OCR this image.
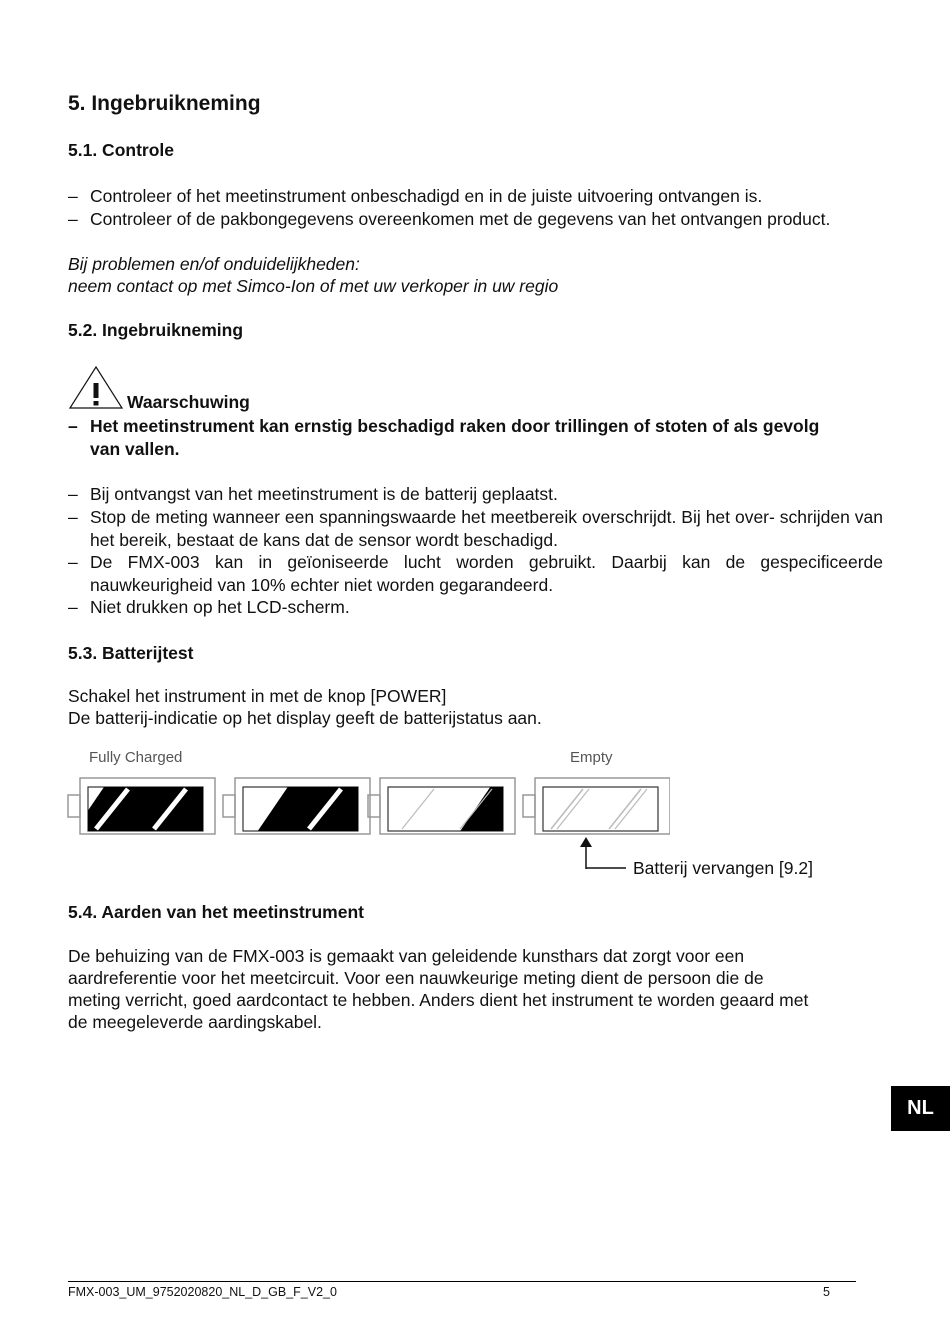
5. Ingebruikneming
5.1. Controle
– Controleer of het meetinstrument onbeschadigd en in de juiste uitvoering ontvangen is.
– Controleer of de pakbongegevens overeenkomen met de gegevens van het ontvangen product.
Bij problemen en/of onduidelijkheden:
neem contact op met Simco-Ion of met uw verkoper in uw regio
5.2. Ingebruikneming
Waarschuwing
– Het meetinstrument kan ernstig beschadigd raken door trillingen of stoten of als gevolg van vallen.
– Bij ontvangst van het meetinstrument is de batterij geplaatst.
– Stop de meting wanneer een spanningswaarde het meetbereik overschrijdt. Bij het over- schrijden van het bereik, bestaat de kans dat de sensor wordt beschadigd.
– De FMX-003 kan in geïoniseerde lucht worden gebruikt. Daarbij kan de gespecificeerde nauwkeurigheid van 10% echter niet worden gegarandeerd.
– Niet drukken op het LCD-scherm.
5.3. Batterijtest
Schakel het instrument in met de knop [POWER]
De batterij-indicatie op het display geeft de batterijstatus aan.
Fully Charged	Empty
Batterij vervangen [9.2]
5.4. Aarden van het meetinstrument
De behuizing van de FMX-003 is gemaakt van geleidende kunsthars dat zorgt voor een
aardreferentie voor het meetcircuit. Voor een nauwkeurige meting dient de persoon die de
meting verricht, goed aardcontact te hebben. Anders dient het instrument te worden geaard met
de meegeleverde aardingskabel.
NL
FMX-003_UM_9752020820_NL_D_GB_F_V2_0	5
